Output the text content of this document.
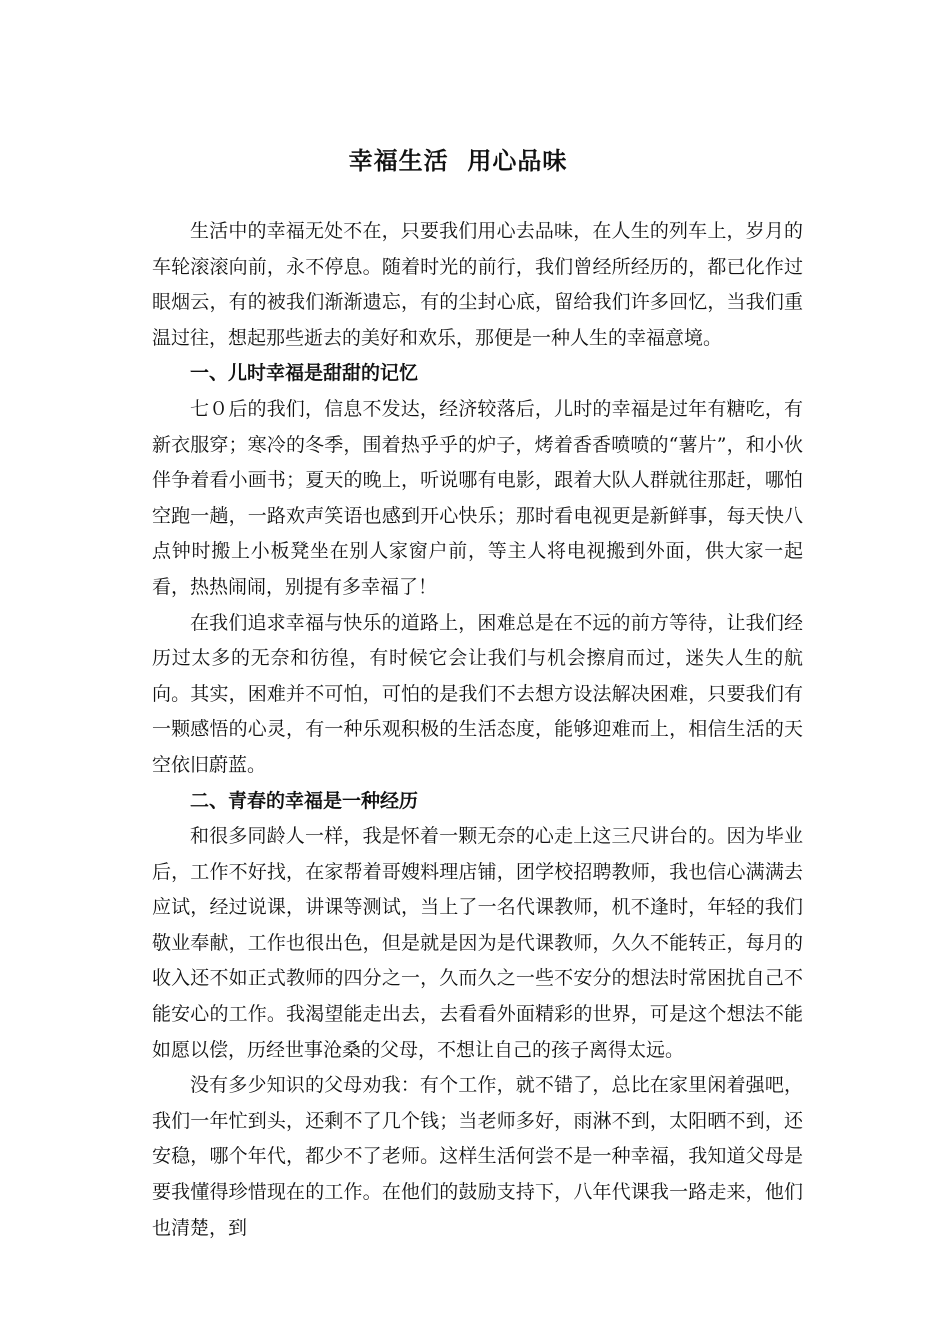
幸福生活  用心品味

生活中的幸福无处不在，只要我们用心去品味，在人生的列车上，岁月的车轮滚滚向前，永不停息。随着时光的前行，我们曾经所经历的，都已化作过眼烟云，有的被我们渐渐遗忘，有的尘封心底，留给我们许多回忆，当我们重温过往，想起那些逝去的美好和欢乐，那便是一种人生的幸福意境。

一、儿时幸福是甜甜的记忆

七０后的我们，信息不发达，经济较落后，儿时的幸福是过年有糖吃，有新衣服穿；寒冷的冬季，围着热乎乎的炉子，烤着香香喷喷的“薯片”，和小伙伴争着看小画书；夏天的晚上，听说哪有电影，跟着大队人群就往那赶，哪怕空跑一趟，一路欢声笑语也感到开心快乐；那时看电视更是新鲜事，每天快八点钟时搬上小板凳坐在别人家窗户前，等主人将电视搬到外面，供大家一起看，热热闹闹，别提有多幸福了！

在我们追求幸福与快乐的道路上，困难总是在不远的前方等待，让我们经历过太多的无奈和彷徨，有时候它会让我们与机会擦肩而过，迷失人生的航向。其实，困难并不可怕，可怕的是我们不去想方设法解决困难，只要我们有一颗感悟的心灵，有一种乐观积极的生活态度，能够迎难而上，相信生活的天空依旧蔚蓝。

二、青春的幸福是一种经历

和很多同龄人一样，我是怀着一颗无奈的心走上这三尺讲台的。因为毕业后，工作不好找，在家帮着哥嫂料理店铺，团学校招聘教师，我也信心满满去应试，经过说课，讲课等测试，当上了一名代课教师，机不逢时，年轻的我们敬业奉献，工作也很出色，但是就是因为是代课教师，久久不能转正，每月的收入还不如正式教师的四分之一，久而久之一些不安分的想法时常困扰自己不能安心的工作。我渴望能走出去，去看看外面精彩的世界，可是这个想法不能如愿以偿，历经世事沧桑的父母，不想让自己的孩子离得太远。

没有多少知识的父母劝我：有个工作，就不错了，总比在家里闲着强吧，我们一年忙到头，还剩不了几个钱；当老师多好，雨淋不到，太阳晒不到，还安稳，哪个年代，都少不了老师。这样生活何尝不是一种幸福，我知道父母是要我懂得珍惜现在的工作。在他们的鼓励支持下，八年代课我一路走来，他们也清楚，到
